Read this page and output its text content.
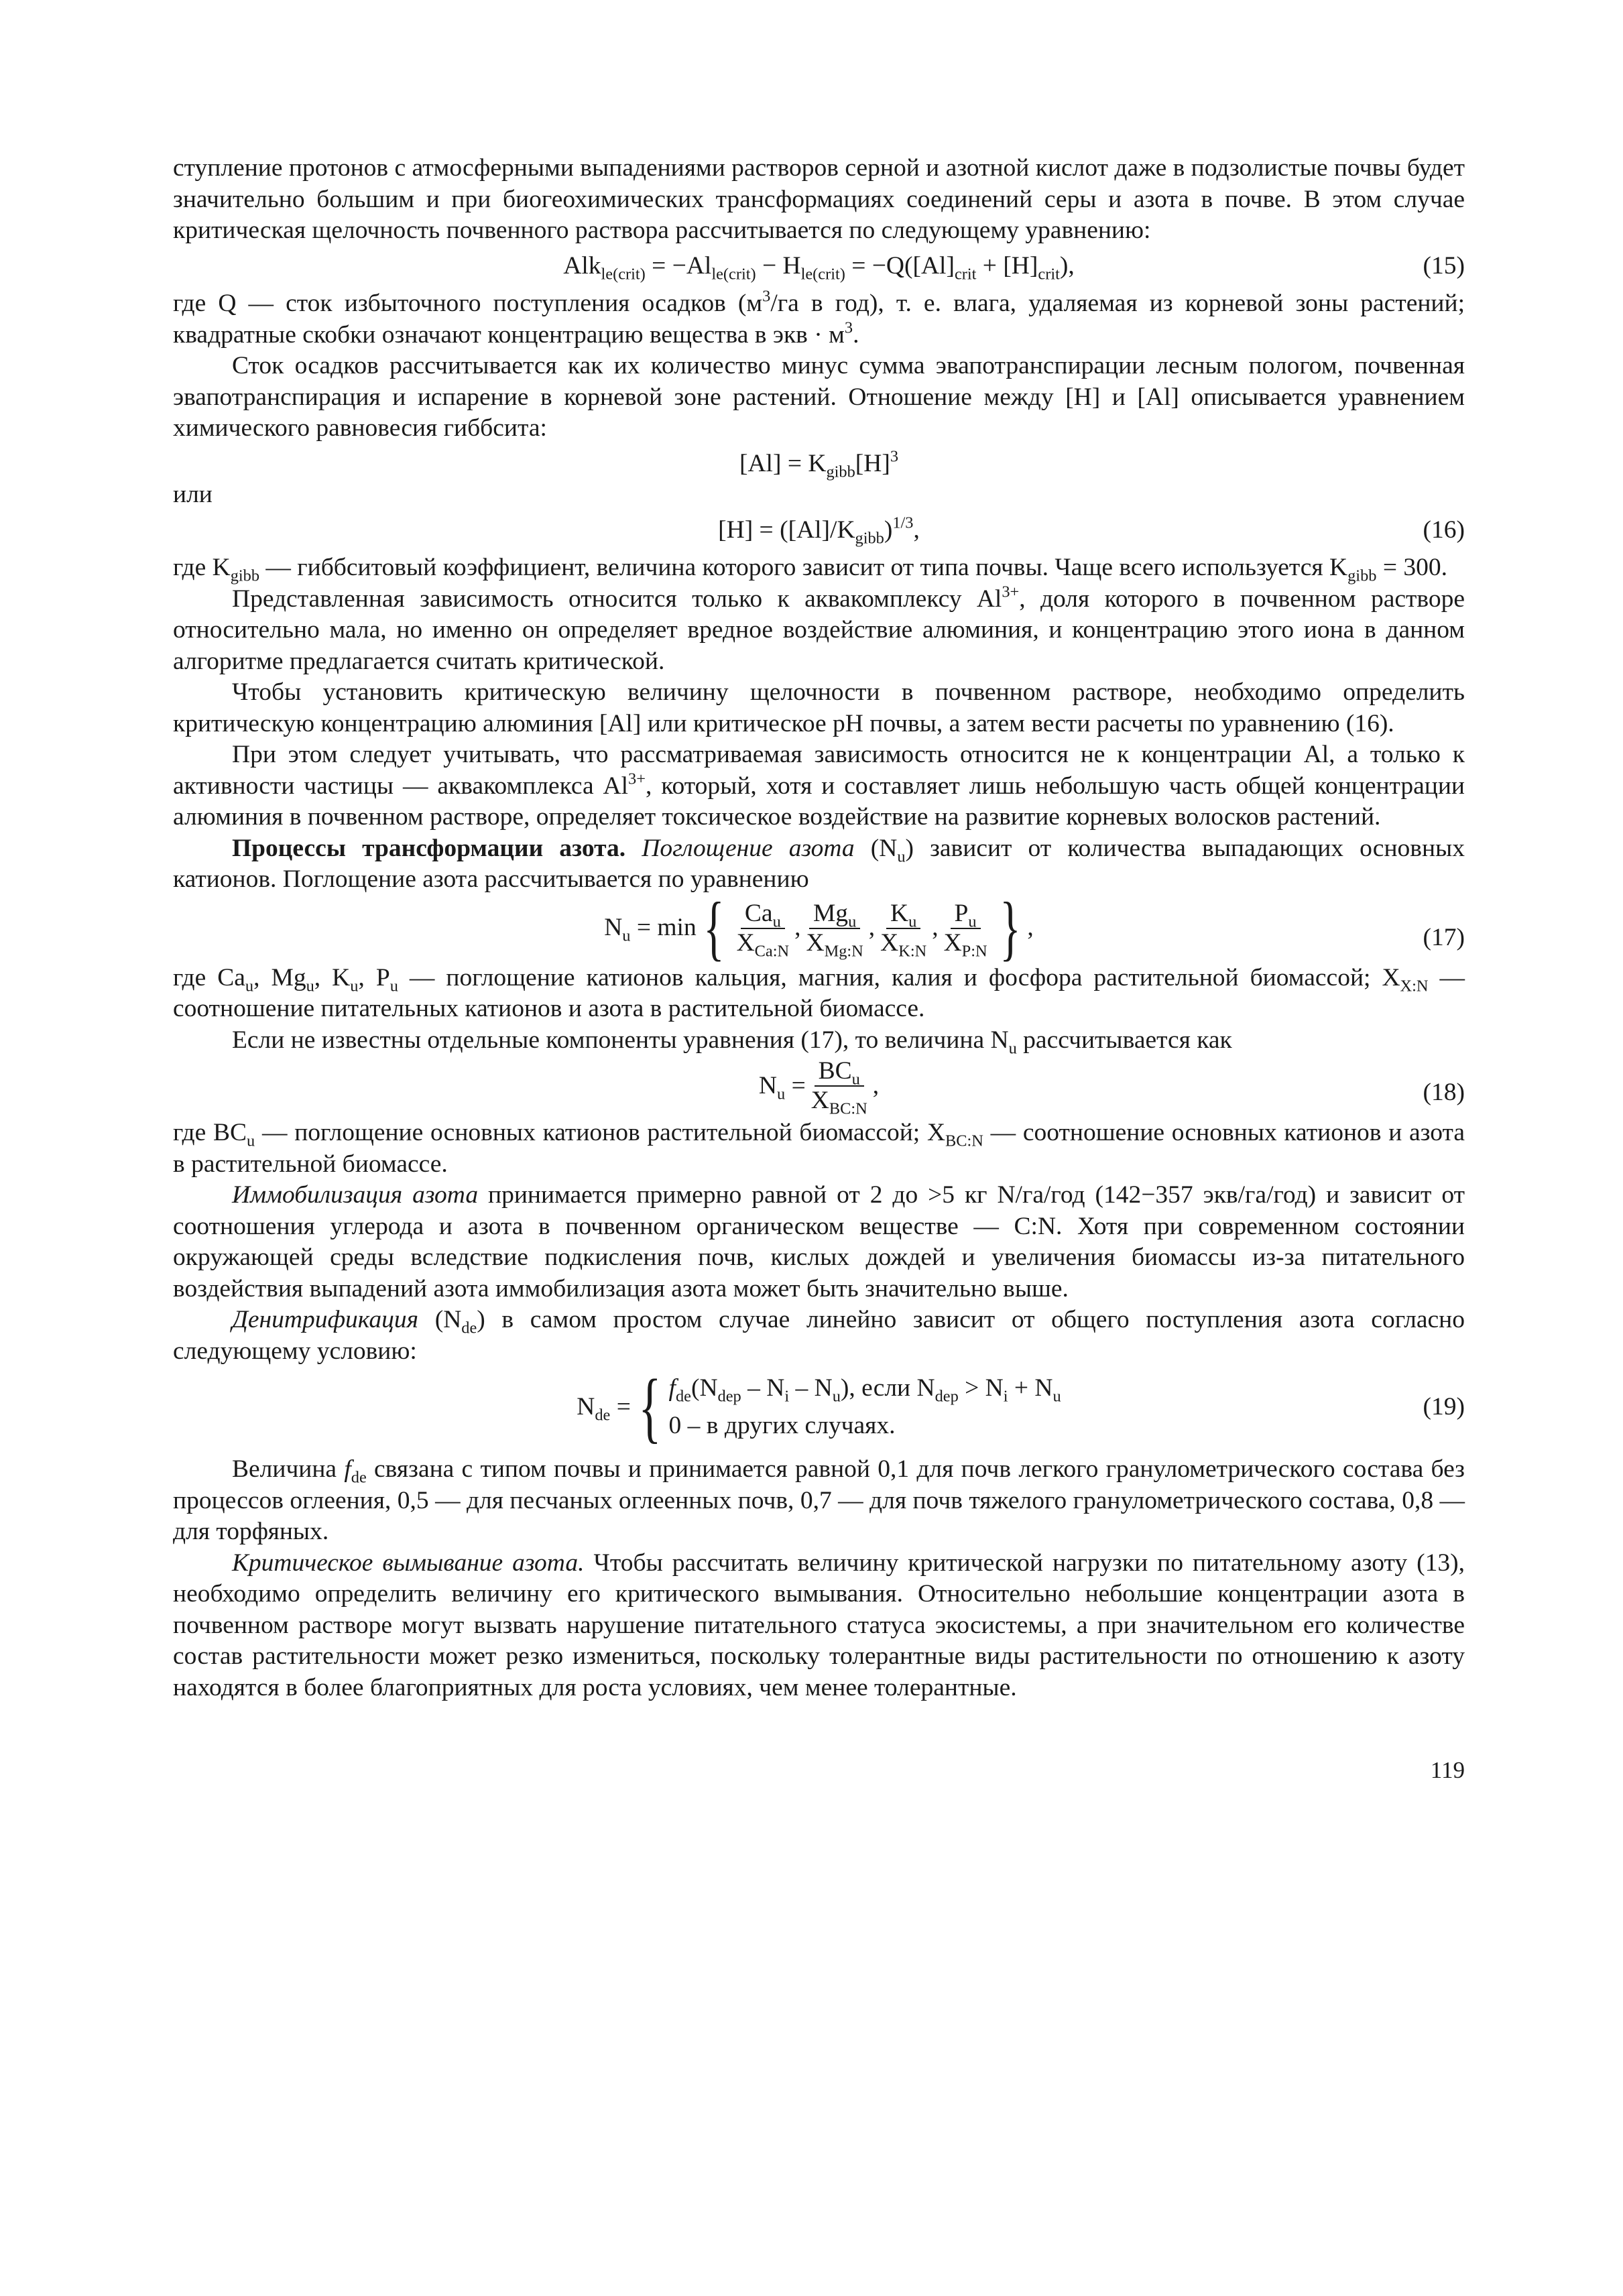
ступление протонов с атмосферными выпадениями растворов серной и азотной кислот даже в подзолистые почвы будет значительно большим и при биогеохимических трансформациях соединений серы и азота в почве. В этом случае критическая щелочность почвенного раствора рассчитывается по следующему уравнению:

$Alk_{le(crit)} = -Al_{le(crit)} - H_{le(crit)} = -Q([Al]_{crit} + [H]_{crit})$,	(15)

где Q — сток избыточного поступления осадков ($м^3/га$ в год), т. е. влага, удаляемая из корневой зоны растений; квадратные скобки означают концентрацию вещества в экв · $м^3$.

Сток осадков рассчитывается как их количество минус сумма эвапотранспирации лесным пологом, почвенная эвапотранспирация и испарение в корневой зоне растений. Отношение между [H] и [Al] описывается уравнением химического равновесия гиббсита:

$[Al] = K_{gibb}[H]^3$

или

$[H] = ([Al]/K_{gibb})^{1/3}$,	(16)

где $K_{gibb}$ — гиббситовый коэффициент, величина которого зависит от типа почвы. Чаще всего используется $K_{gibb} = 300$.

Представленная зависимость относится только к аквакомплексу $Al^{3+}$, доля которого в почвенном растворе относительно мала, но именно он определяет вредное воздействие алюминия, и концентрацию этого иона в данном алгоритме предлагается считать критической.

Чтобы установить критическую величину щелочности в почвенном растворе, необходимо определить критическую концентрацию алюминия [Al] или критическое pH почвы, а затем вести расчеты по уравнению (16).

При этом следует учитывать, что рассматриваемая зависимость относится не к концентрации Al, а только к активности частицы — аквакомплекса $Al^{3+}$, который, хотя и составляет лишь небольшую часть общей концентрации алюминия в почвенном растворе, определяет токсическое воздействие на развитие корневых волосков растений.

Процессы трансформации азота. Поглощение азота $(N_u)$ зависит от количества выпадающих основных катионов. Поглощение азота рассчитывается по уравнению

$N_u = \min$ { $\frac{Ca_u}{X_{Ca:N}}$ , $\frac{Mg_u}{X_{Mg:N}}$ , $\frac{K_u}{X_{K:N}}$ , $\frac{P_u}{X_{P:N}}$ } ,	(17)

где $Ca_u$, $Mg_u$, $K_u$, $P_u$ — поглощение катионов кальция, магния, калия и фосфора растительной биомассой; $X_{X:N}$ — соотношение питательных катионов и азота в растительной биомассе.

Если не известны отдельные компоненты уравнения (17), то величина $N_u$ рассчитывается как

$N_u = \frac{BC_u}{X_{BC:N}}$ ,	(18)

где $BC_u$ — поглощение основных катионов растительной биомассой; $X_{BC:N}$ — соотношение основных катионов и азота в растительной биомассе.

Иммобилизация азота принимается примерно равной от 2 до >5 кг N/га/год (142−357 экв/га/год) и зависит от соотношения углерода и азота в почвенном органическом веществе — C:N. Хотя при современном состоянии окружающей среды вследствие подкисления почв, кислых дождей и увеличения биомассы из-за питательного воздействия выпадений азота иммобилизация азота может быть значительно выше.

Денитрификация $(N_{de})$ в самом простом случае линейно зависит от общего поступления азота согласно следующему условию:

$N_{de}$ = { $f_{de}(N_{dep} - N_i - N_u)$, если $N_{dep} > N_i + N_u$
0 – в других случаях.
(19)

Величина $f_{de}$ связана с типом почвы и принимается равной 0,1 для почв легкого гранулометрического состава без процессов оглеения, 0,5 — для песчаных оглеенных почв, 0,7 — для почв тяжелого гранулометрического состава, 0,8 — для торфяных.

Критическое вымывание азота. Чтобы рассчитать величину критической нагрузки по питательному азоту (13), необходимо определить величину его критического вымывания. Относительно небольшие концентрации азота в почвенном растворе могут вызвать нарушение питательного статуса экосистемы, а при значительном его количестве состав растительности может резко измениться, поскольку толерантные виды растительности по отношению к азоту находятся в более благоприятных для роста условиях, чем менее толерантные.

119
